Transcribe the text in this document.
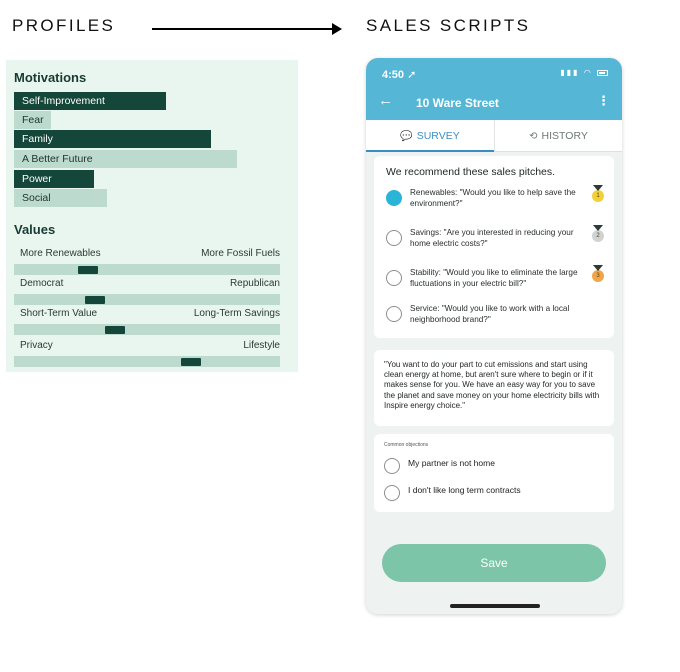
PROFILES	SALES SCRIPTS
Motivations
Self-Improvement
Fear
Family
A Better Future
Power
Social
Values
More Renewables	More Fossil Fuels
Democrat	Republican
Short-Term Value	Long-Term Savings
Privacy	Lifestyle
4:50 ➚	▮▮▮ ◠
← 10 Ware Street	⋮
💬 SURVEY	⟲ HISTORY
We recommend these sales pitches.
Renewables: "Would you like to help save the environment?"
1
Savings: "Are you interested in reducing your home electric costs?"
2
Stability: "Would you like to eliminate the large fluctuations in your electric bill?"
3
Service: "Would you like to work with a local neighborhood brand?"
"You want to do your part to cut emissions and start using clean energy at home, but aren't sure where to begin or if it makes sense for you. We have an easy way for you to save the planet and save money on your home electricity bills with Inspire energy choice."
Common objections
My partner is not home
I don't like long term contracts
Save
